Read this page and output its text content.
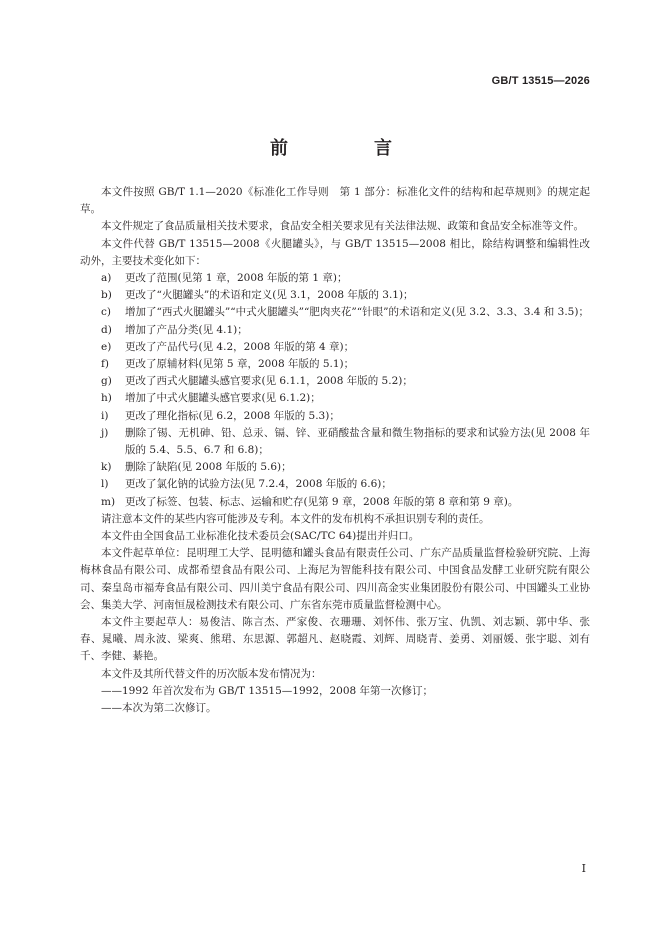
GB/T 13515—2026
前　言

本文件按照 GB/T 1.1—2020《标准化工作导则　第 1 部分：标准化文件的结构和起草规则》的规定起草。

本文件规定了食品质量相关技术要求，食品安全相关要求见有关法律法规、政策和食品安全标准等文件。

本文件代替 GB/T 13515—2008《火腿罐头》，与 GB/T 13515—2008 相比，除结构调整和编辑性改动外，主要技术变化如下：

a)	更改了范围(见第 1 章，2008 年版的第 1 章)；
b)	更改了“火腿罐头”的术语和定义(见 3.1，2008 年版的 3.1)；
c)	增加了“西式火腿罐头”“中式火腿罐头”“肥肉夹花”“针眼”的术语和定义(见 3.2、3.3、3.4 和 3.5)；
d)	增加了产品分类(见 4.1)；
e)	更改了产品代号(见 4.2，2008 年版的第 4 章)；
f)	更改了原辅材料(见第 5 章，2008 年版的 5.1)；
g)	更改了西式火腿罐头感官要求(见 6.1.1，2008 年版的 5.2)；
h)	增加了中式火腿罐头感官要求(见 6.1.2)；
i)	更改了理化指标(见 6.2，2008 年版的 5.3)；
j)	删除了锡、无机砷、铅、总汞、镉、锌、亚硝酸盐含量和微生物指标的要求和试验方法(见 2008 年版的 5.4、5.5、6.7 和 6.8)；
k)	删除了缺陷(见 2008 年版的 5.6)；
l)	更改了氯化钠的试验方法(见 7.2.4，2008 年版的 6.6)；
m) 更改了标签、包装、标志、运输和贮存(见第 9 章，2008 年版的第 8 章和第 9 章)。

请注意本文件的某些内容可能涉及专利。本文件的发布机构不承担识别专利的责任。

本文件由全国食品工业标准化技术委员会(SAC/TC 64)提出并归口。

本文件起草单位：昆明理工大学、昆明德和罐头食品有限责任公司、广东产品质量监督检验研究院、上海梅林食品有限公司、成都希望食品有限公司、上海尼为智能科技有限公司、中国食品发酵工业研究院有限公司、秦皇岛市福寿食品有限公司、四川美宁食品有限公司、四川高金实业集团股份有限公司、中国罐头工业协会、集美大学、河南恒晟检测技术有限公司、广东省东莞市质量监督检测中心。

本文件主要起草人：易俊洁、陈言杰、严家俊、衣珊珊、刘怀伟、张万宝、仇凯、刘志颖、郭中华、张春、晁曦、周永波、梁爽、熊珺、东思源、郭超凡、赵晓霞、刘辉、周晓青、姜勇、刘丽媛、张宇聪、刘有千、李健、綦艳。

本文件及其所代替文件的历次版本发布情况为：

——1992 年首次发布为 GB/T 13515—1992，2008 年第一次修订；

——本次为第二次修订。

I
